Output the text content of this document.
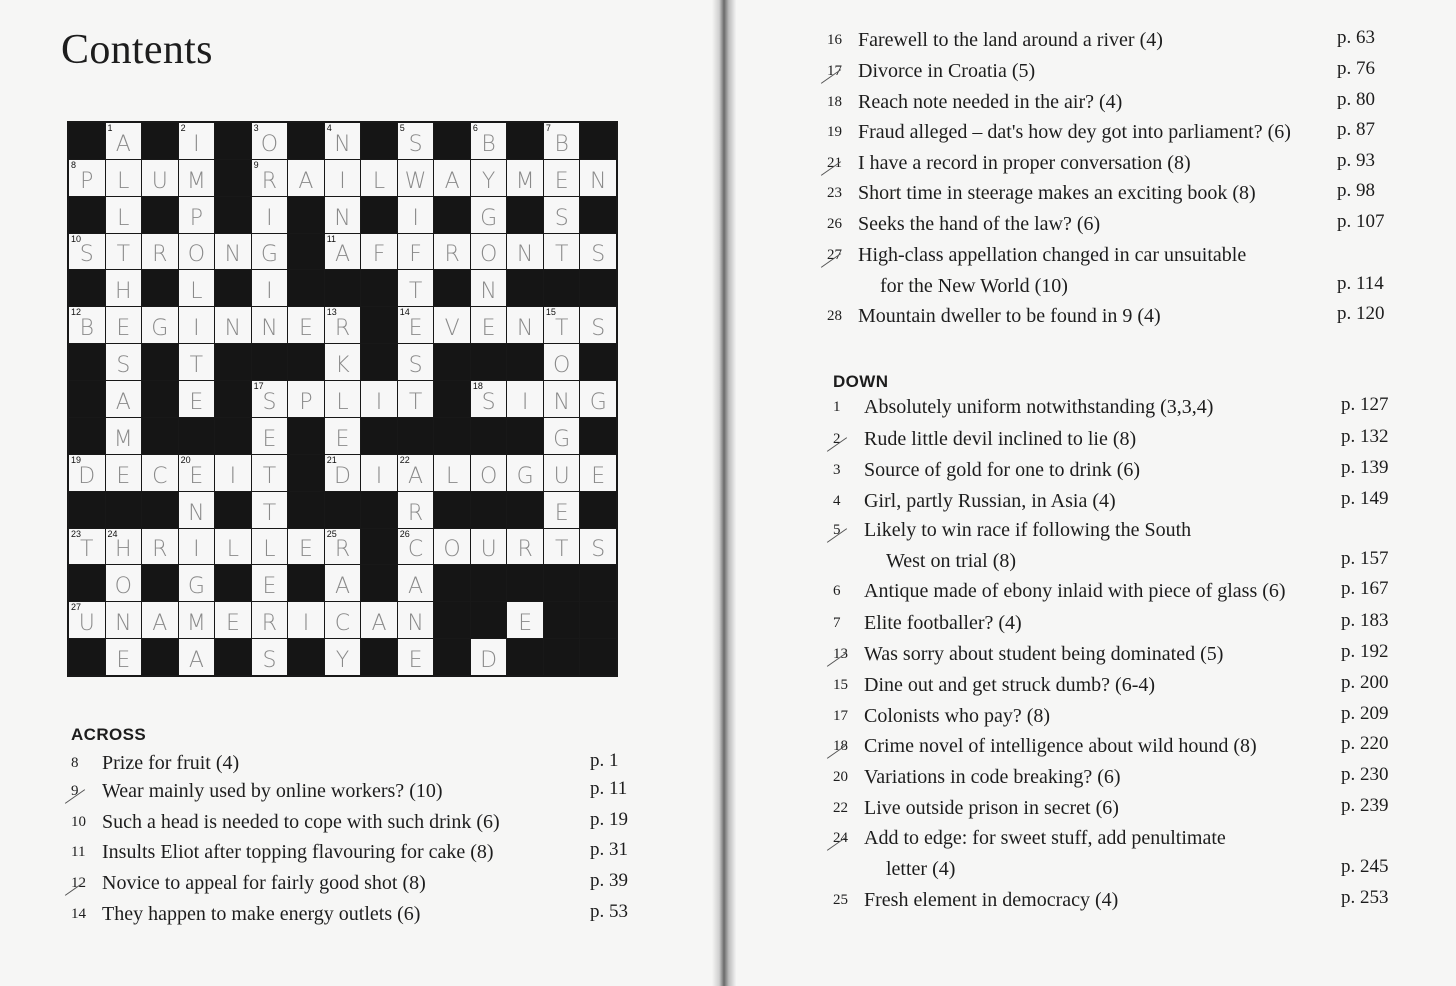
Contents
1
A
2
I
3
O
4
N
5
S
6
B
7
B
8
P	L	U M
9
R A	I	L W A	Y M E N
L	P	I	N	I	G	S
10
S	T	R O N G
11
A	F	F	R O N T	S
H	L	I	T	N
12
B	E G	I	N N E
13
R
14
E	V	E N
15
T	S
S	T	K	S	O
A	E
17
S	P	L	I	T
18
S	I	N G
M	E	E	G
19
D E C
20
E	I	T
21
D	I
22
A	L O G U E
N	T	R	E
23
T
24
H R	I	L	L	E
25
R
26
C O U R	T	S
O	G	E	A	A
27
U N A M E R	I	C A N	E
E	A	S	Y	E	D
ACROSS
DOWN
8 Prize for fruit (4)	p. 1
9 Wear mainly used by online workers? (10)	p. 11
10 Such a head is needed to cope with such drink (6)	p. 19
11 Insults Eliot after topping flavouring for cake (8)	p. 31
12 Novice to appeal for fairly good shot (8)	p. 39
14 They happen to make energy outlets (6)	p. 53
16 Farewell to the land around a river (4)	p. 63
17 Divorce in Croatia (5)	p. 76
18 Reach note needed in the air? (4)	p. 80
19 Fraud alleged – dat's how dey got into parliament? (6) p. 87
21 I have a record in proper conversation (8)	p. 93
23 Short time in steerage makes an exciting book (8)	p. 98
26 Seeks the hand of the law? (6)	p. 107
27 High-class appellation changed in car unsuitable
for the New World (10)	p. 114
28 Mountain dweller to be found in 9 (4)	p. 120
1 Absolutely uniform notwithstanding (3,3,4)	p. 127
2 Rude little devil inclined to lie (8)	p. 132
3 Source of gold for one to drink (6)	p. 139
4 Girl, partly Russian, in Asia (4)	p. 149
5 Likely to win race if following the South
West on trial (8)	p. 157
6 Antique made of ebony inlaid with piece of glass (6)	p. 167
7 Elite footballer? (4)	p. 183
13 Was sorry about student being dominated (5)	p. 192
15 Dine out and get struck dumb? (6-4)	p. 200
17 Colonists who pay? (8)	p. 209
18 Crime novel of intelligence about wild hound (8)	p. 220
20 Variations in code breaking? (6)	p. 230
22 Live outside prison in secret (6)	p. 239
24 Add to edge: for sweet stuff, add penultimate
letter (4)	p. 245
25 Fresh element in democracy (4)	p. 253
